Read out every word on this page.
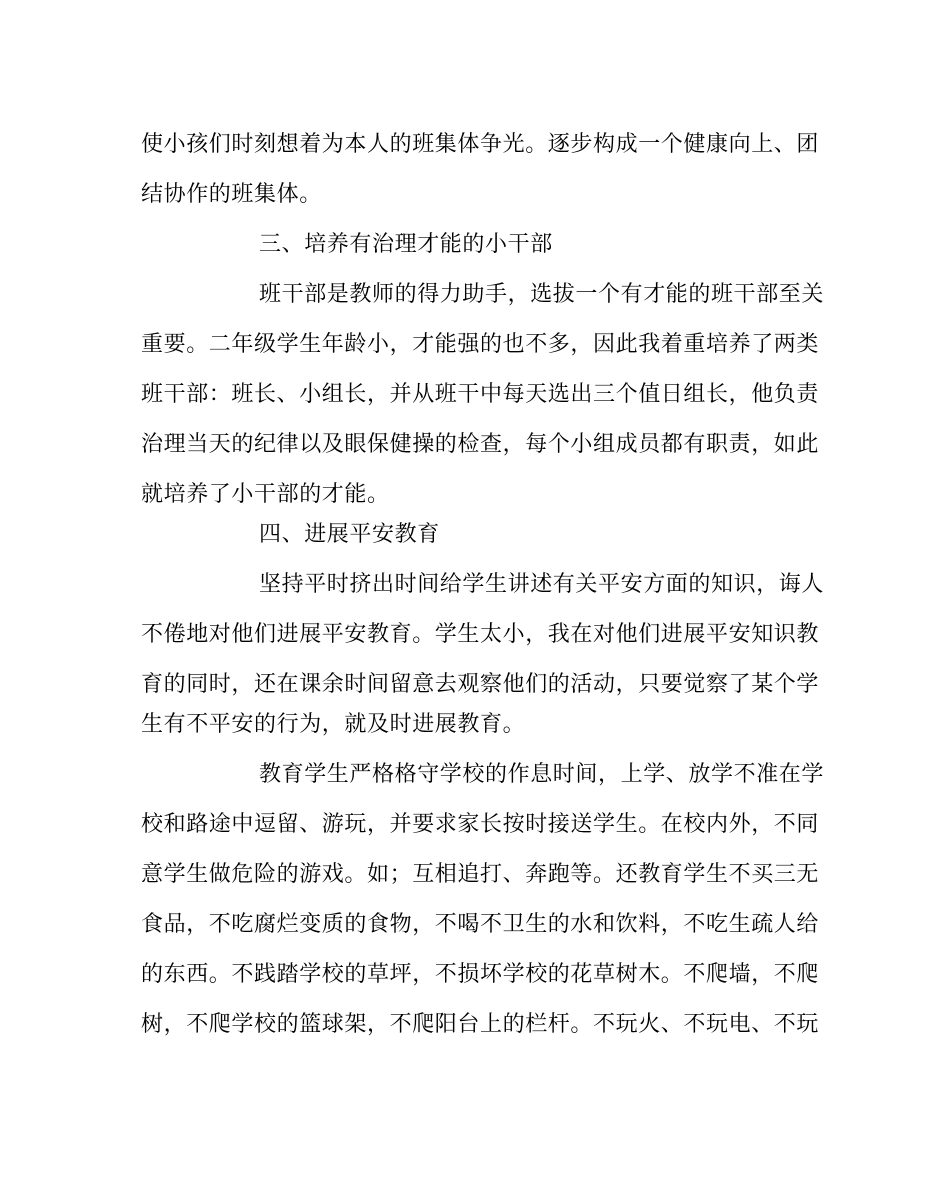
使小孩们时刻想着为本人的班集体争光。逐步构成一个健康向上、团
结协作的班集体。
三、培养有治理才能的小干部
班干部是教师的得力助手，选拔一个有才能的班干部至关
重要。二年级学生年龄小，才能强的也不多，因此我着重培养了两类
班干部：班长、小组长，并从班干中每天选出三个值日组长，他负责
治理当天的纪律以及眼保健操的检查，每个小组成员都有职责，如此
就培养了小干部的才能。
四、进展平安教育
坚持平时挤出时间给学生讲述有关平安方面的知识，诲人
不倦地对他们进展平安教育。学生太小，我在对他们进展平安知识教
育的同时，还在课余时间留意去观察他们的活动，只要觉察了某个学
生有不平安的行为，就及时进展教育。
教育学生严格格守学校的作息时间，上学、放学不准在学
校和路途中逗留、游玩，并要求家长按时接送学生。在校内外，不同
意学生做危险的游戏。如；互相追打、奔跑等。还教育学生不买三无
食品，不吃腐烂变质的食物，不喝不卫生的水和饮料，不吃生疏人给
的东西。不践踏学校的草坪，不损坏学校的花草树木。不爬墙，不爬
树，不爬学校的篮球架，不爬阳台上的栏杆。不玩火、不玩电、不玩
